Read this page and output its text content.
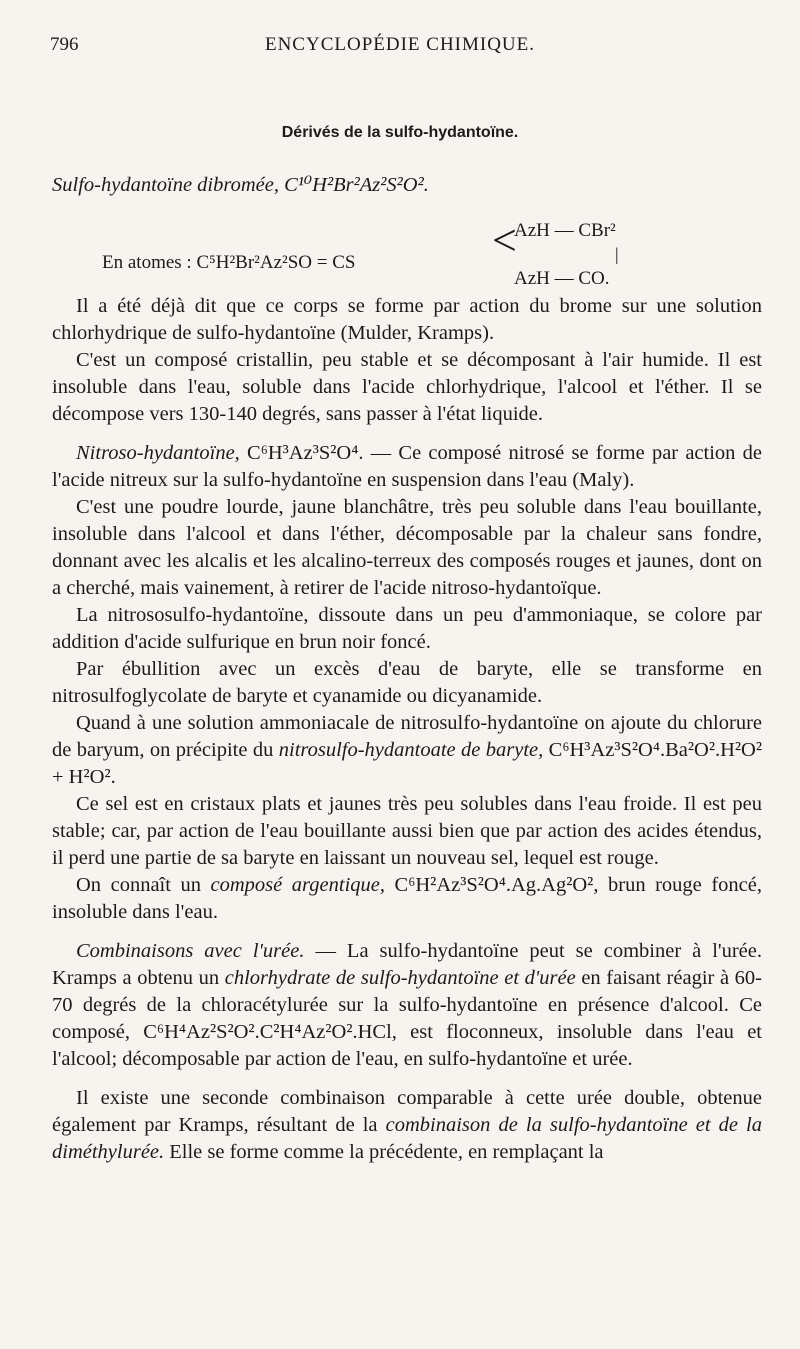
796	ENCYCLOPÉDIE CHIMIQUE.
Dérivés de la sulfo-hydantoïne.

Sulfo-hydantoïne dibromée, C¹⁰H²Br²Az²S²O².

En atomes : C⁵H²Br²Az²SO = CS	<
AzH — CBr²
|
AzH — CO.

Il a été déjà dit que ce corps se forme par action du brome sur une solution chlorhydrique de sulfo-hydantoïne (Mulder, Kramps).

C'est un composé cristallin, peu stable et se décomposant à l'air humide. Il est insoluble dans l'eau, soluble dans l'acide chlorhydrique, l'alcool et l'éther. Il se décompose vers 130-140 degrés, sans passer à l'état liquide.

Nitroso-hydantoïne, C⁶H³Az³S²O⁴. — Ce composé nitrosé se forme par action de l'acide nitreux sur la sulfo-hydantoïne en suspension dans l'eau (Maly).

C'est une poudre lourde, jaune blanchâtre, très peu soluble dans l'eau bouillante, insoluble dans l'alcool et dans l'éther, décomposable par la chaleur sans fondre, donnant avec les alcalis et les alcalino-terreux des composés rouges et jaunes, dont on a cherché, mais vainement, à retirer de l'acide nitroso-hydantoïque.

La nitrososulfo-hydantoïne, dissoute dans un peu d'ammoniaque, se colore par addition d'acide sulfurique en brun noir foncé.

Par ébullition avec un excès d'eau de baryte, elle se transforme en nitrosulfoglycolate de baryte et cyanamide ou dicyanamide.

Quand à une solution ammoniacale de nitrosulfo-hydantoïne on ajoute du chlorure de baryum, on précipite du nitrosulfo-hydantoate de baryte, C⁶H³Az³S²O⁴.Ba²O².H²O² + H²O².

Ce sel est en cristaux plats et jaunes très peu solubles dans l'eau froide. Il est peu stable; car, par action de l'eau bouillante aussi bien que par action des acides étendus, il perd une partie de sa baryte en laissant un nouveau sel, lequel est rouge.

On connaît un composé argentique, C⁶H²Az³S²O⁴.Ag.Ag²O², brun rouge foncé, insoluble dans l'eau.

Combinaisons avec l'urée. — La sulfo-hydantoïne peut se combiner à l'urée. Kramps a obtenu un chlorhydrate de sulfo-hydantoïne et d'urée en faisant réagir à 60-70 degrés de la chloracétylurée sur la sulfo-hydantoïne en présence d'alcool. Ce composé, C⁶H⁴Az²S²O².C²H⁴Az²O².HCl, est floconneux, insoluble dans l'eau et l'alcool; décomposable par action de l'eau, en sulfo-hydantoïne et urée.

Il existe une seconde combinaison comparable à cette urée double, obtenue également par Kramps, résultant de la combinaison de la sulfo-hydantoïne et de la diméthylurée. Elle se forme comme la précédente, en remplaçant la
